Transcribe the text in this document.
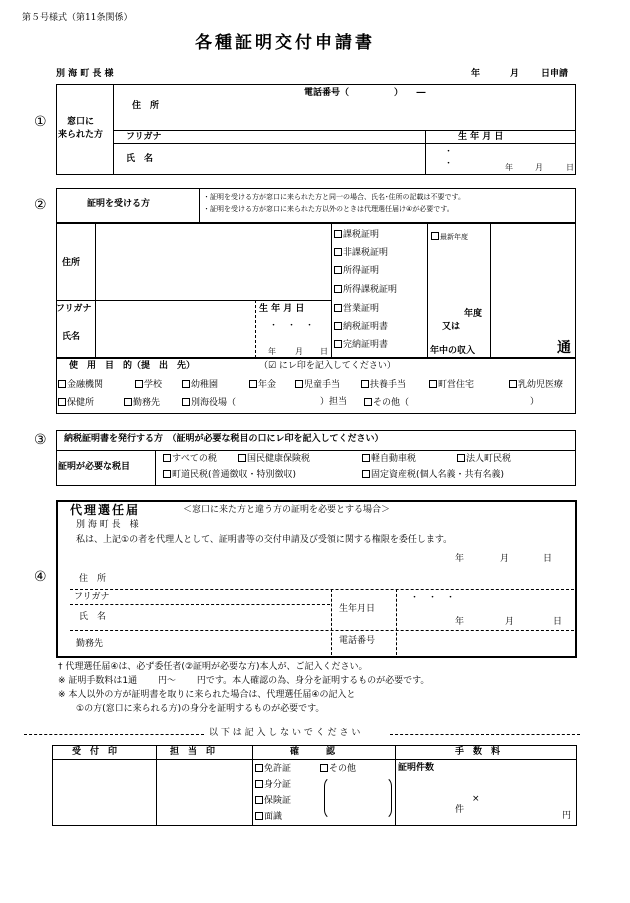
第５号様式（第11条関係）
各種証明交付申請書
別 海 町 長 様	年	月 日申請
① 窓口に
来られた方
電話番号（　　　　　）　　―
住　所
フリガナ
氏　名
生 年 月 日
・
・	年	月	日
②	証明を受ける方
・証明を受ける方が窓口に来られた方と同一の場合、氏名･住所の記載は不要です。
・証明を受ける方が窓口に来られた方以外のときは代理選任届け④が必要です。
住所
フリガナ
氏名
生 年 月 日
・　・　・
年 月 日
課税証明
非課税証明
所得証明
所得課税証明
営業証明
納税証明書
完納証明書
最新年度
年度
又は
年中の収入	通
使　用　目　的（提　出　先）	（☑ にレ印を記入してください）
金融機関	学校	幼稚園	年金	児童手当	扶養手当	町営住宅	乳幼児医療
保健所	勤務先	別海役場（	）担当	その他（	）
③ 納税証明書を発行する方　（証明が必要な税目の口にレ印を記入してください）
証明が必要な税目
すべての税	国民健康保険税	軽自動車税	法人町民税
町道民税(普通徴収・特別徴収)	固定資産税(個人名義・共有名義)
④
代理選任届	＜窓口に来た方と違う方の証明を必要とする場合＞
別 海 町 長　様
私は、上記①の者を代理人として、証明書等の交付申請及び受領に関する権限を委任します。
年	月	日
住　所
フリガナ
氏　名
生年月日
・　・　・
年	月	日
勤務先	電話番号
† 代理選任届④は、必ず委任者(②証明が必要な方)本人が、ご記入ください。
※ 証明手数料は1通　　 円～　　 円です。本人確認の為、身分を証明するものが必要です。
※ 本人以外の方が証明書を取りに来られた場合は、代理選任届④の記入と
①の方(窓口に来られる方)の身分を証明するものが必要です。
以 下 は 記 入 し な い で く だ さ い
受　付　印	担　当　印	確　　　認	手　数　料
免許証	その他
身分証
保険証
面識
証明件数
×
件
円
